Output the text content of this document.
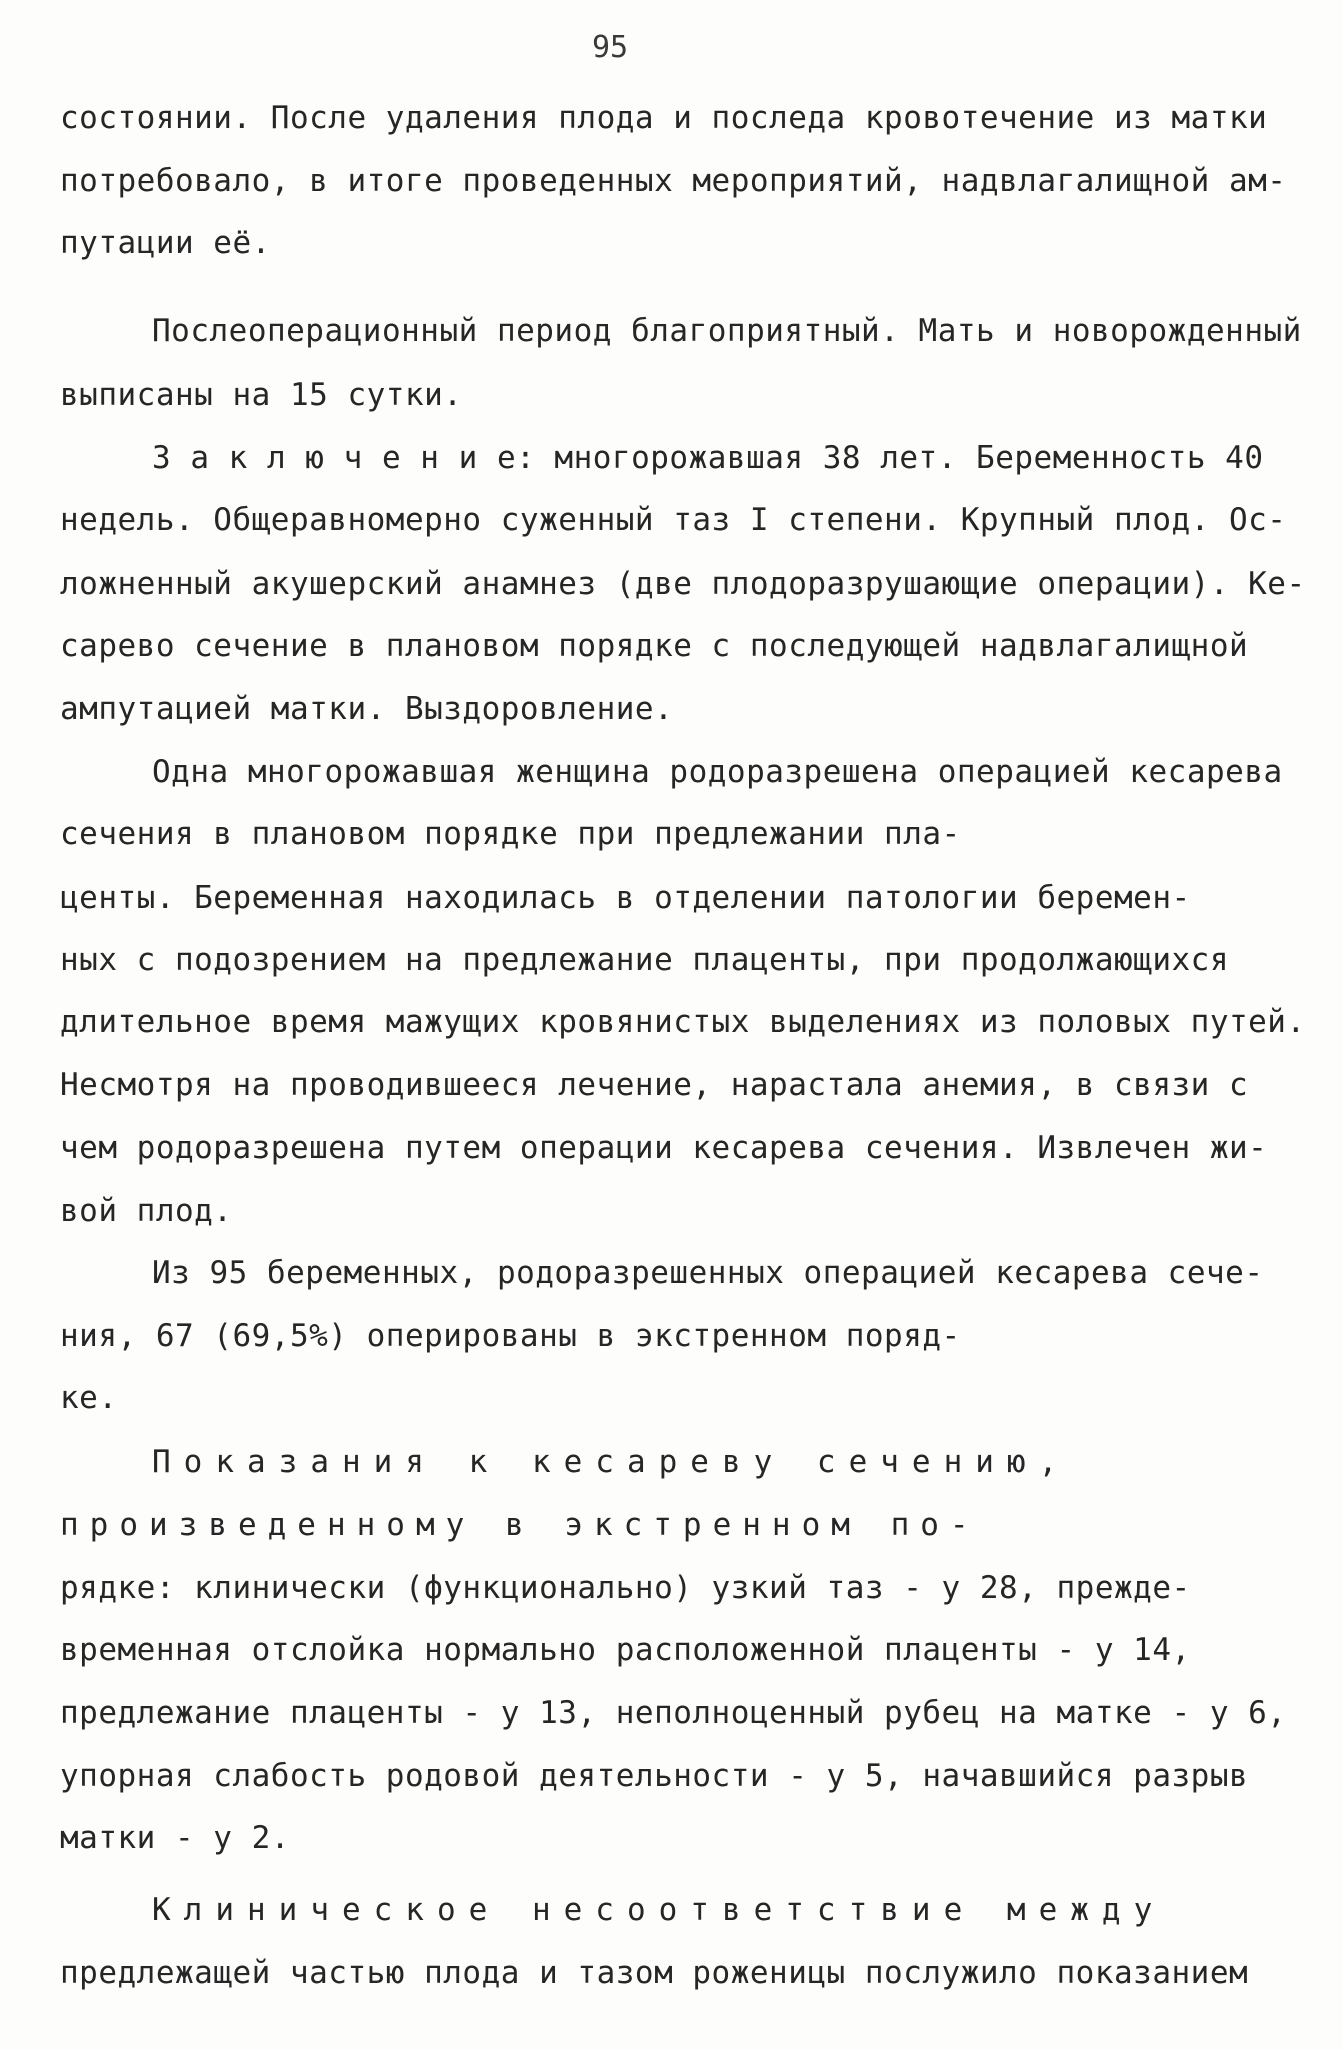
95
состоянии. После удаления плода и последа кровотечение из матки
потребовало, в итоге проведенных мероприятий, надвлагалищной ам-
путации её.
Послеоперационный период благоприятный. Мать и новорожденный
выписаны на 15 сутки.
З а к л ю ч е н и е: многорожавшая 38 лет. Беременность 40
недель. Общеравномерно суженный таз I степени. Крупный плод. Ос-
ложненный акушерский анамнез (две плодоразрушающие операции). Ке-
сарево сечение в плановом порядке с последующей надвлагалищной
ампутацией матки. Выздоровление.
Одна многорожавшая женщина родоразрешена операцией кесарева
сечения в плановом порядке при предлежании пла-
центы. Беременная находилась в отделении патологии беремен-
ных с подозрением на предлежание плаценты, при продолжающихся
длительное время мажущих кровянистых выделениях из половых путей.
Несмотря на проводившееся лечение, нарастала анемия, в связи с
чем родоразрешена путем операции кесарева сечения. Извлечен жи-
вой плод.
Из 95 беременных, родоразрешенных операцией кесарева сече-
ния, 67 (69,5%) оперированы в экстренном поряд-
ке.
Показания к кесареву сечению,
произведенному в экстренном по-
рядке: клинически (функционально) узкий таз - у 28, прежде-
временная отслойка нормально расположенной плаценты - у 14,
предлежание плаценты - у 13, неполноценный рубец на матке - у 6,
упорная слабость родовой деятельности - у 5, начавшийся разрыв
матки - у 2.
Клиническое несоответствие между
предлежащей частью плода и тазом роженицы послужило показанием
